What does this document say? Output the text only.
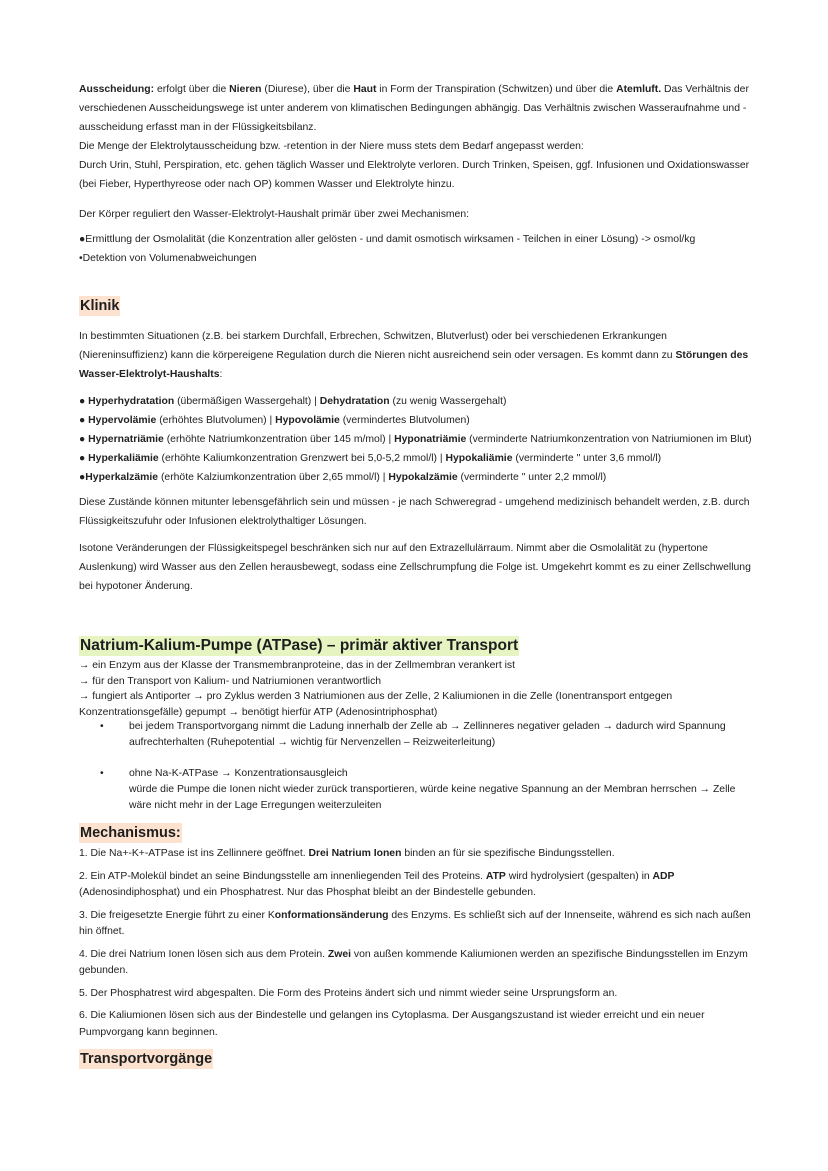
Ausscheidung: erfolgt über die Nieren (Diurese), über die Haut in Form der Transpiration (Schwitzen) und über die Atemluft. Das Verhältnis der verschiedenen Ausscheidungswege ist unter anderem von klimatischen Bedingungen abhängig. Das Verhältnis zwischen Wasseraufnahme und -ausscheidung erfasst man in der Flüssigkeitsbilanz.

Die Menge der Elektrolytausscheidung bzw. -retention in der Niere muss stets dem Bedarf angepasst werden:

Durch Urin, Stuhl, Perspiration, etc. gehen täglich Wasser und Elektrolyte verloren. Durch Trinken, Speisen, ggf. Infusionen und Oxidationswasser (bei Fieber, Hyperthyreose oder nach OP) kommen Wasser und Elektrolyte hinzu.

Der Körper reguliert den Wasser-Elektrolyt-Haushalt primär über zwei Mechanismen:

●Ermittlung der Osmolalität (die Konzentration aller gelösten - und damit osmotisch wirksamen - Teilchen in einer Lösung) -> osmol/kg

•Detektion von Volumenabweichungen

Klinik

In bestimmten Situationen (z.B. bei starkem Durchfall, Erbrechen, Schwitzen, Blutverlust) oder bei verschiedenen Erkrankungen (Niereninsuffizienz) kann die körpereigene Regulation durch die Nieren nicht ausreichend sein oder versagen. Es kommt dann zu Störungen des Wasser-Elektrolyt-Haushalts:

● Hyperhydratation (übermäßigen Wassergehalt) | Dehydratation (zu wenig Wassergehalt)

● Hypervolämie (erhöhtes Blutvolumen) | Hypovolämie (vermindertes Blutvolumen)

● Hypernatriämie (erhöhte Natriumkonzentration über 145 m/mol) | Hyponatriämie (verminderte Natriumkonzentration von Natriumionen im Blut)

● Hyperkaliämie (erhöhte Kaliumkonzentration Grenzwert bei 5,0-5,2 mmol/l) | Hypokaliämie (verminderte " unter 3,6 mmol/l)

●Hyperkalzämie (erhöte Kalziumkonzentration über 2,65 mmol/l) | Hypokalzämie (verminderte " unter 2,2 mmol/l)

Diese Zustände können mitunter lebensgefährlich sein und müssen - je nach Schweregrad - umgehend medizinisch behandelt werden, z.B. durch Flüssigkeitszufuhr oder Infusionen elektrolythaltiger Lösungen.

Isotone Veränderungen der Flüssigkeitspegel beschränken sich nur auf den Extrazellulärraum. Nimmt aber die Osmolalität zu (hypertone Auslenkung) wird Wasser aus den Zellen herausbewegt, sodass eine Zellschrumpfung die Folge ist. Umgekehrt kommt es zu einer Zellschwellung bei hypotoner Änderung.

Natrium-Kalium-Pumpe (ATPase) – primär aktiver Transport

→ ein Enzym aus der Klasse der Transmembranproteine, das in der Zellmembran verankert ist

→ für den Transport von Kalium- und Natriumionen verantwortlich

→ fungiert als Antiporter → pro Zyklus werden 3 Natriumionen aus der Zelle, 2 Kaliumionen in die Zelle (Ionentransport entgegen Konzentrationsgefälle) gepumpt → benötigt hierfür ATP (Adenosintriphosphat)

• bei jedem Transportvorgang nimmt die Ladung innerhalb der Zelle ab → Zellinneres negativer geladen → dadurch wird Spannung aufrechterhalten (Ruhepotential → wichtig für Nervenzellen – Reizweiterleitung)
• ohne Na-K-ATPase → Konzentrationsausgleich
würde die Pumpe die Ionen nicht wieder zurück transportieren, würde keine negative Spannung an der Membran herrschen → Zelle wäre nicht mehr in der Lage Erregungen weiterzuleiten
Mechanismus:

1. Die Na+-K+-ATPase ist ins Zellinnere geöffnet. Drei Natrium Ionen binden an für sie spezifische Bindungsstellen.

2. Ein ATP-Molekül bindet an seine Bindungsstelle am innenliegenden Teil des Proteins. ATP wird hydrolysiert (gespalten) in ADP (Adenosindiphosphat) und ein Phosphatrest. Nur das Phosphat bleibt an der Bindestelle gebunden.

3. Die freigesetzte Energie führt zu einer Konformationsänderung des Enzyms. Es schließt sich auf der Innenseite, während es sich nach außen hin öffnet.

4. Die drei Natrium Ionen lösen sich aus dem Protein. Zwei von außen kommende Kaliumionen werden an spezifische Bindungsstellen im Enzym gebunden.

5. Der Phosphatrest wird abgespalten. Die Form des Proteins ändert sich und nimmt wieder seine Ursprungsform an.

6. Die Kaliumionen lösen sich aus der Bindestelle und gelangen ins Cytoplasma. Der Ausgangszustand ist wieder erreicht und ein neuer Pumpvorgang kann beginnen.

Transportvorgänge
